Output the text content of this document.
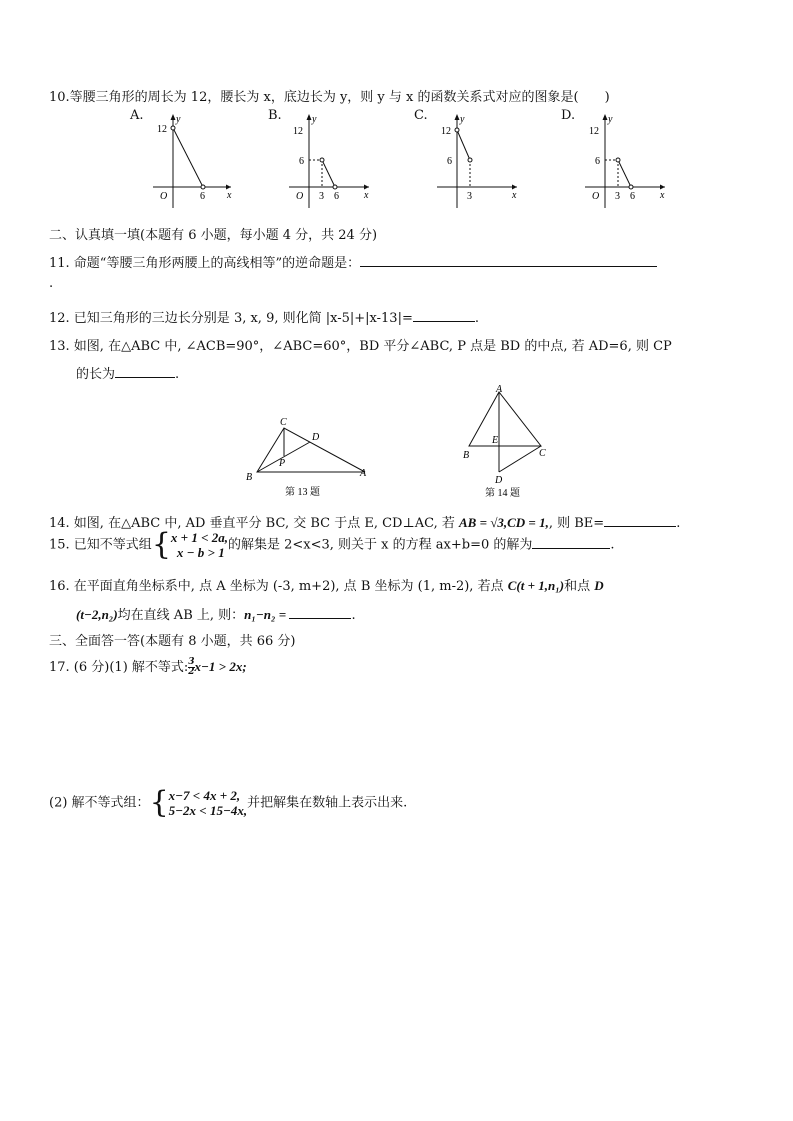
10.等腰三角形的周长为 12，腰长为 x，底边长为 y，则 y 与 x 的函数关系式对应的图象是(　　)
A.	y
x
12
O	6
B.	y
x
12
6
O 3 6
C.	y
x
12
6
3
D.	y
x
12
6
O 3 6
二、认真填一填(本题有 6 小题，每小题 4 分，共 24 分)
11. 命题“等腰三角形两腰上的高线相等”的逆命题是：
.
12. 已知三角形的三边长分别是 3, x, 9, 则化简 |x-5|+|x-13|=	.
13. 如图, 在△ABC 中, ∠ACB=90°，∠ABC=60°，BD 平分∠ABC, P 点是 BD 的中点, 若 AD=6, 则 CP
的长为	.
C
D
B	A
P
第 13 题
A
B	C
E
D
第 14 题
14. 如图, 在△ABC 中, AD 垂直平分 BC, 交 BC 于点 E, CD⊥AC, 若 AB = √3,CD = 1,, 则 BE=	.
15. 已知不等式组{x + 1 < 2a,
x − b > 1 的解集是 2<x<3, 则关于 x 的方程 ax+b=0 的解为	.
16. 在平面直角坐标系中, 点 A 坐标为 (-3, m+2), 点 B 坐标为 (1, m-2), 若点 C(t + 1,n₁)和点 D
(t−2,n₂)均在直线 AB 上, 则：n₁−n₂ =	.
三、全面答一答(本题有 8 小题，共 66 分)
17. (6 分)(1) 解不等式: $\frac{3}{2} x-1 > 2x$;
(2) 解不等式组：{x−7 < 4x + 2,
5−2x < 15−4x,并把解集在数轴上表示出来.
